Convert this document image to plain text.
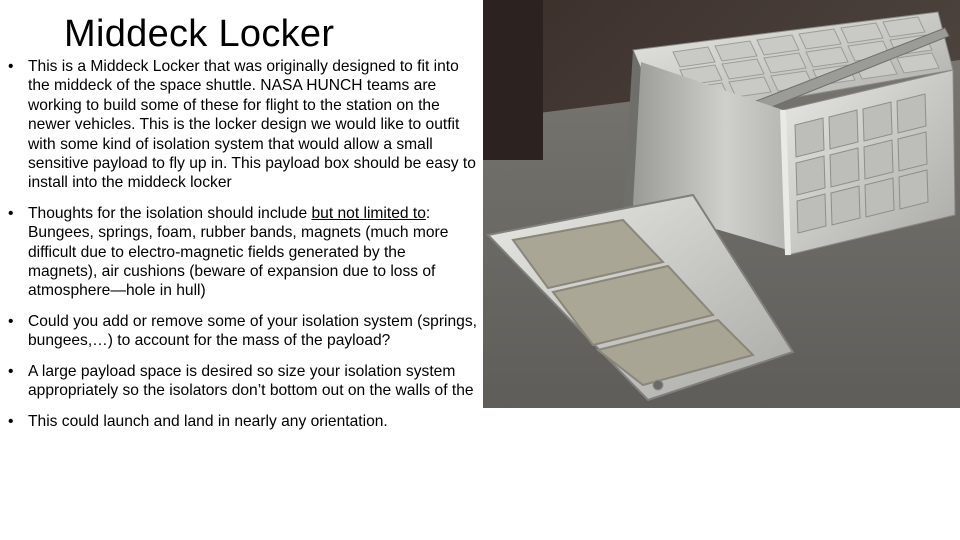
Middeck Locker
• This is a Middeck Locker that was originally designed to fit into the middeck of the space shuttle. NASA HUNCH teams are working to build some of these for flight to the station on the newer vehicles. This is the locker design we would like to outfit with some kind of isolation system that would allow a small sensitive payload to fly up in. This payload box should be easy to install into the middeck locker
• Thoughts for the isolation should include but not limited to: Bungees, springs, foam, rubber bands, magnets (much more difficult due to electro-magnetic fields generated by the magnets), air cushions (beware of expansion due to loss of atmosphere—hole in hull)
• Could you add or remove some of your isolation system (springs, bungees,…) to account for the mass of the payload?
• A large payload space is desired so size your isolation system appropriately so the isolators don’t bottom out on the walls of the
• This could launch and land in nearly any orientation.
